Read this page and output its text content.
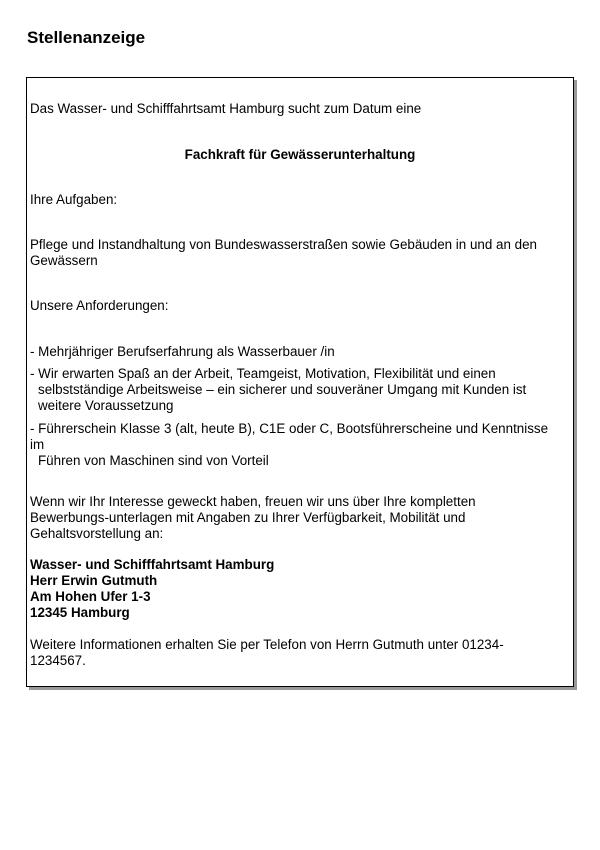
Stellenanzeige
Das Wasser- und Schifffahrtsamt Hamburg sucht zum Datum eine
Fachkraft für Gewässerunterhaltung
Ihre Aufgaben:
Pflege und Instandhaltung von Bundeswasserstraßen sowie Gebäuden in und an den
Gewässern
Unsere Anforderungen:
- Mehrjähriger Berufserfahrung als Wasserbauer /in
- Wir erwarten Spaß an der Arbeit, Teamgeist, Motivation, Flexibilität und einen
selbstständige Arbeitsweise – ein sicherer und souveräner Umgang mit Kunden ist
weitere Voraussetzung
- Führerschein Klasse 3 (alt, heute B), C1E oder C, Bootsführerscheine und Kenntnisse
im
Führen von Maschinen sind von Vorteil
Wenn wir Ihr Interesse geweckt haben, freuen wir uns über Ihre kompletten
Bewerbungs-unterlagen mit Angaben zu Ihrer Verfügbarkeit, Mobilität und
Gehaltsvorstellung an:
Wasser- und Schifffahrtsamt Hamburg
Herr Erwin Gutmuth
Am Hohen Ufer 1-3
12345 Hamburg
Weitere Informationen erhalten Sie per Telefon von Herrn Gutmuth unter 01234-
1234567.
